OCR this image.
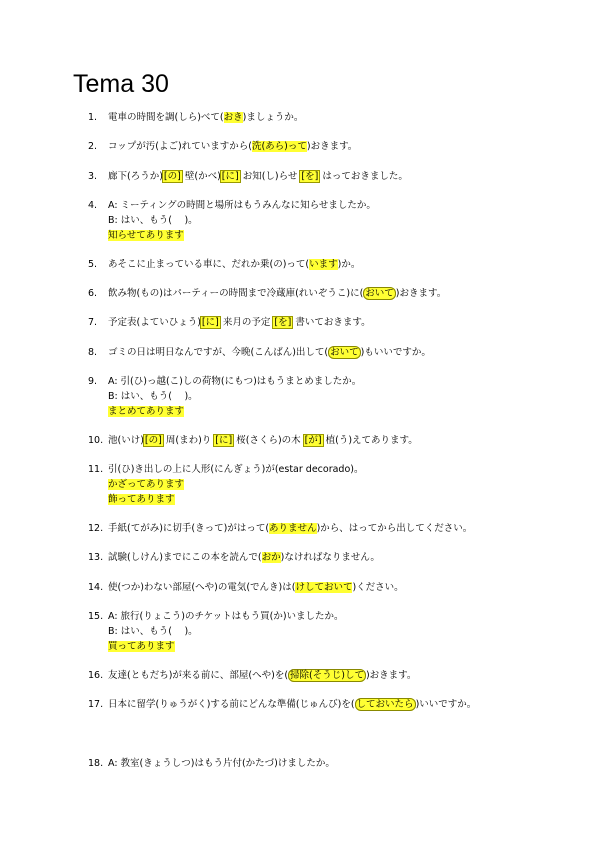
Tema 30
1. 電車の時間を調(しら)べて(おき)ましょうか。
2. コップが汚(よご)れていますから(洗(あら)って)おきます。
3. 廊下(ろうか)[の] 壁(かべ)[に] お知(し)らせ [を] はっておきました。
4. A: ミーティングの時間と場所はもうみんなに知らせましたか。
B: はい、もう(　 )。
知らせてあります
5. あそこに止まっている車に、だれか乗(の)って(います)か。
6. 飲み物(もの)はパーティーの時間まで冷蔵庫(れいぞうこ)に( おいて )おきます。
7. 予定表(よていひょう)[に] 来月の予定 [を] 書いておきます。
8. ゴミの日は明日なんですが、今晩(こんばん)出して( おいて )もいいですか。
9. A: 引(ひ)っ越(こ)しの荷物(にもつ)はもうまとめましたか。
B: はい、もう(　 )。
まとめてあります
10. 池(いけ)[の] 周(まわ)り [に] 桜(さくら)の木 [が] 植(う)えてあります。
11. 引(ひ)き出しの上に人形(にんぎょう)が(estar decorado)。
かざってあります
飾ってあります
12. 手紙(てがみ)に切手(きって)がはって(ありません)から、はってから出してください。
13. 試験(しけん)までにこの本を読んで(おか)なければなりません。
14. 使(つか)わない部屋(へや)の電気(でんき)は(けしておいて)ください。
15. A: 旅行(りょこう)のチケットはもう買(か)いましたか。
B: はい、もう(　 )。
買ってあります
16. 友達(ともだち)が来る前に、部屋(へや)を( 掃除(そうじ)して )おきます。
17. 日本に留学(りゅうがく)する前にどんな準備(じゅんび)を( しておいたら )いいですか。
18. A: 教室(きょうしつ)はもう片付(かたづ)けましたか。
